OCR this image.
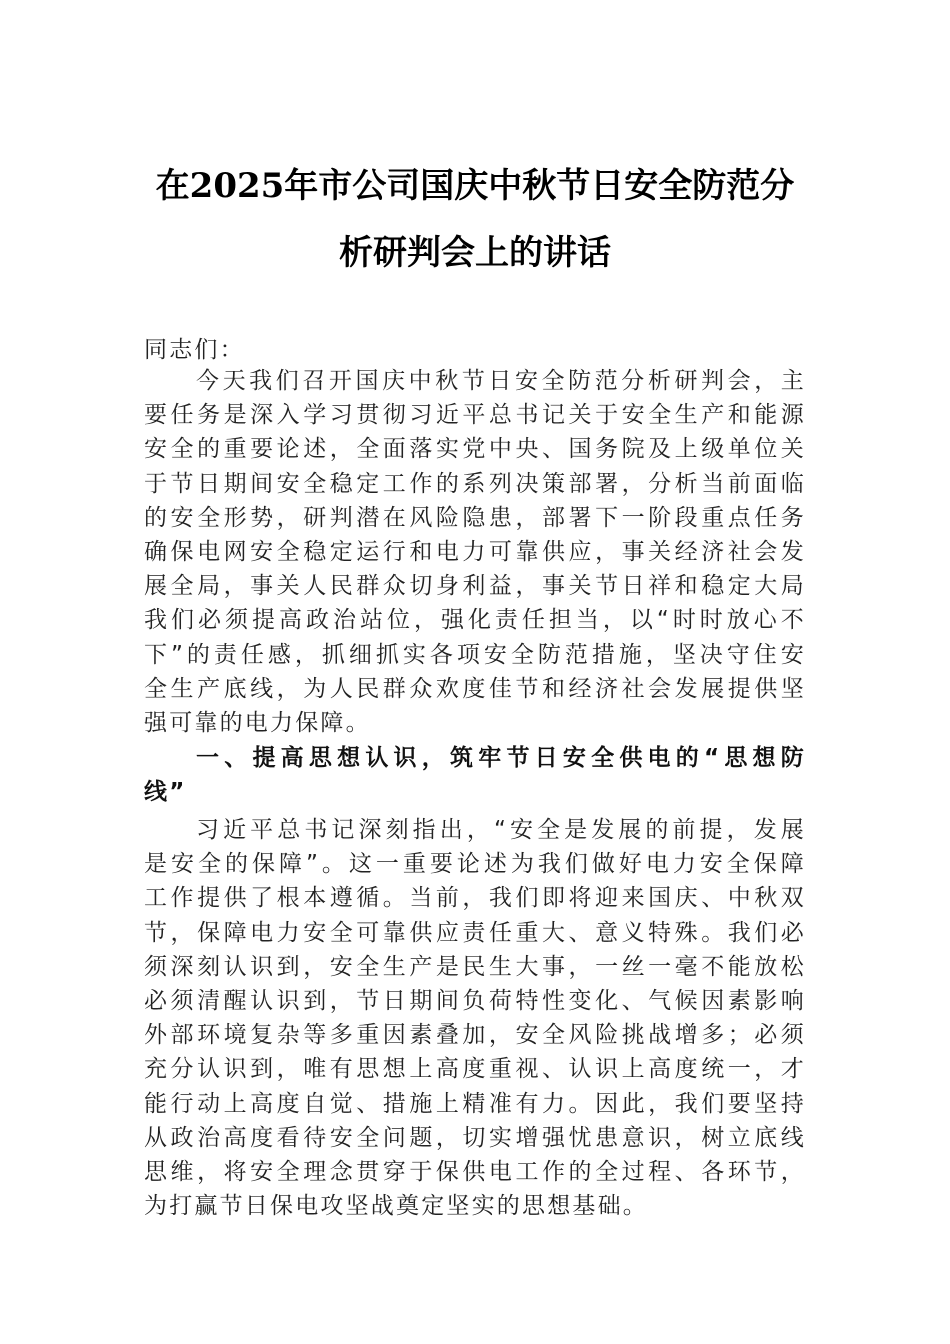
在2025年市公司国庆中秋节日安全防范分
析研判会上的讲话
同志们：
今天我们召开国庆中秋节日安全防范分析研判会，主
要任务是深入学习贯彻习近平总书记关于安全生产和能源
安全的重要论述，全面落实党中央、国务院及上级单位关
于节日期间安全稳定工作的系列决策部署，分析当前面临
的安全形势，研判潜在风险隐患，部署下一阶段重点任务
确保电网安全稳定运行和电力可靠供应，事关经济社会发
展全局，事关人民群众切身利益，事关节日祥和稳定大局
我们必须提高政治站位，强化责任担当，以“时时放心不
下”的责任感，抓细抓实各项安全防范措施，坚决守住安
全生产底线，为人民群众欢度佳节和经济社会发展提供坚
强可靠的电力保障。
一、提高思想认识，筑牢节日安全供电的“思想防
线”
习近平总书记深刻指出，“安全是发展的前提，发展
是安全的保障”。这一重要论述为我们做好电力安全保障
工作提供了根本遵循。当前，我们即将迎来国庆、中秋双
节，保障电力安全可靠供应责任重大、意义特殊。我们必
须深刻认识到，安全生产是民生大事，一丝一毫不能放松
必须清醒认识到，节日期间负荷特性变化、气候因素影响
外部环境复杂等多重因素叠加，安全风险挑战增多；必须
充分认识到，唯有思想上高度重视、认识上高度统一，才
能行动上高度自觉、措施上精准有力。因此，我们要坚持
从政治高度看待安全问题，切实增强忧患意识，树立底线
思维，将安全理念贯穿于保供电工作的全过程、各环节，
为打赢节日保电攻坚战奠定坚实的思想基础。
